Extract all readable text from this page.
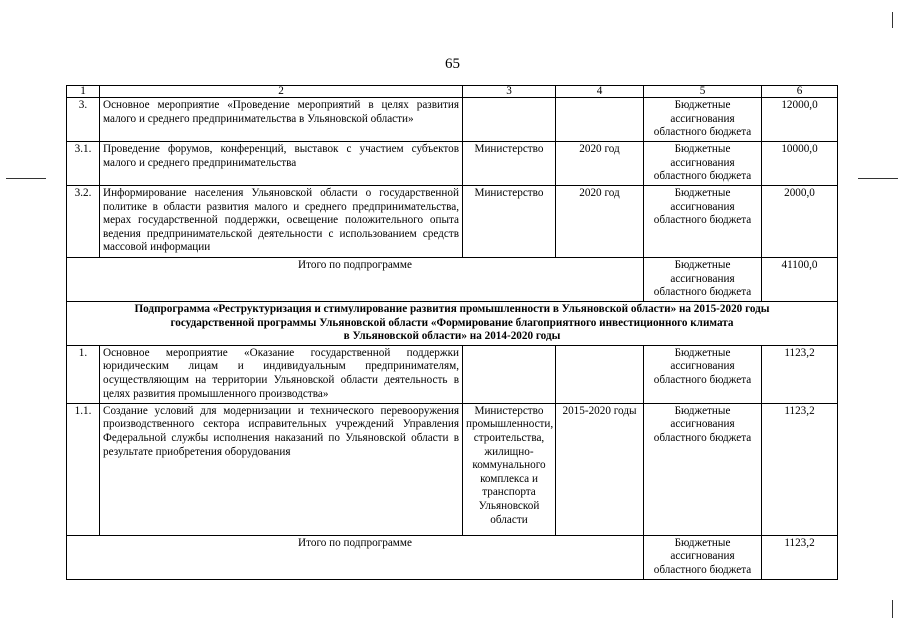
65
1	2	3	4	5	6
3.	Основное мероприятие «Проведение мероприятий в целях развития малого и среднего предпринимательства в Ульяновской области»			Бюджетные ассигнования областного бюджета	12000,0
3.1.	Проведение форумов, конференций, выставок с участием субъектов малого и среднего предпринимательства	Министерство	2020 год	Бюджетные ассигнования областного бюджета	10000,0
3.2.	Информирование населения Ульяновской области о государственной политике в области развития малого и среднего предпринимательства, мерах государственной поддержки, освещение положительного опыта ведения предпринимательской деятельности с использованием средств массовой информации	Министерство	2020 год	Бюджетные ассигнования областного бюджета	2000,0
Итого по подпрограмме				Бюджетные ассигнования областного бюджета	41100,0

Подпрограмма «Реструктуризация и стимулирование развития промышленности в Ульяновской области» на 2015-2020 годы
государственной программы Ульяновской области «Формирование благоприятного инвестиционного климата
в Ульяновской области» на 2014-2020 годы					

1.	Основное мероприятие «Оказание государственной поддержки юридическим лицам и индивидуальным предпринимателям, осуществляющим на территории Ульяновской области деятельность в целях развития промышленного производства»			Бюджетные ассигнования областного бюджета	1123,2
1.1.	Создание условий для модернизации и технического перевооружения производственного сектора исправительных учреждений Управления Федеральной службы исполнения наказаний по Ульяновской области в результате приобретения оборудования	Министерство промышленности, строительства, жилищно-коммунального комплекса и транспорта Ульяновской области	2015-2020 годы	Бюджетные ассигнования областного бюджета	1123,2
Итого по подпрограмме				Бюджетные ассигнования областного бюджета	1123,2
